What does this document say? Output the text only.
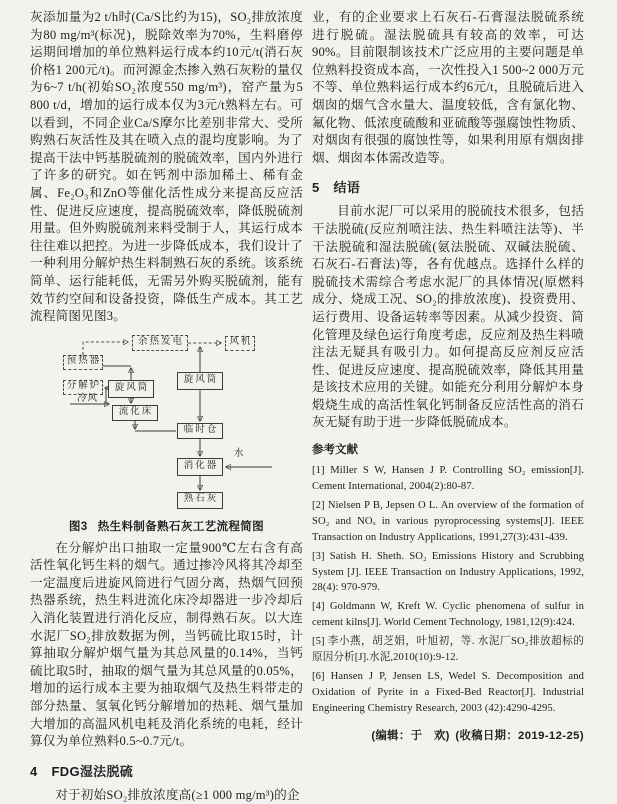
灰添加量为2 t/h时(Ca/S比约为15)，SO₂排放浓度为80 mg/m³(标况)，脱除效率为70%，生料磨停运期间增加的单位熟料运行成本约10元/t(消石灰价格1 200元/t)。而河源金杰掺入熟石灰粉的量仅为6~7 t/h(初始SO₂浓度550 mg/m³)，窑产量为5 800 t/d，增加的运行成本仅为3元/t熟料左右。可以看到，不同企业Ca/S摩尔比差别非常大、受所购熟石灰活性及其在喷入点的混均度影响。为了提高干法中钙基脱硫剂的脱硫效率，国内外进行了许多的研究。如在钙剂中添加稀土、稀有金属、Fe₂O₃和ZnO等催化活性成分来提高反应活性、促进反应速度，提高脱硫效率，降低脱硫剂用量。但外购脱硫剂来料受制于人，其运行成本往往难以把控。为进一步降低成本，我们设计了一种利用分解炉热生料制熟石灰的系统。该系统简单、运行能耗低，无需另外购买脱硫剂，能有效节约空间和设备投资，降低生产成本。其工艺流程简图见图3。

余热发电	风机
预热器
分解炉	旋风筒
旋风筒
冷风
流化床
临时仓
水
消化器
熟石灰
图3 热生料制备熟石灰工艺流程简图

在分解炉出口抽取一定量900℃左右含有高活性氧化钙生料的烟气。通过掺冷风将其冷却至一定温度后进旋风筒进行气固分离，热烟气回预热器系统，热生料进流化床冷却器进一步冷却后入消化装置进行消化反应，制得熟石灰。以大连水泥厂SO₂排放数据为例，当钙硫比取15时，计算抽取分解炉烟气量为其总风量的0.14%，当钙硫比取5时，抽取的烟气量为其总风量的0.05%，增加的运行成本主要为抽取烟气及热生料带走的部分热量、氢氧化钙分解增加的热耗、烟气量加大增加的高温风机电耗及消化系统的电耗，经计算仅为单位熟料0.5~0.7元/t。

4 FDG湿法脱硫

对于初始SO₂排放浓度高(≥1 000 mg/m³)的企

业，有的企业要求上石灰石-石膏湿法脱硫系统进行脱硫。湿法脱硫具有较高的效率，可达90%。目前限制该技术广泛应用的主要问题是单位熟料投资成本高，一次性投入1 500~2 000万元不等、单位熟料运行成本约6元/t，且脱硫后进入烟囱的烟气含水量大、温度较低，含有氯化物、氟化物、低浓度硫酸和亚硫酸等强腐蚀性物质、对烟囱有很强的腐蚀性等，如果利用原有烟囱排烟、烟囱本体需改造等。

5 结语

目前水泥厂可以采用的脱硫技术很多，包括干法脱硫(反应剂喷注法、热生料喷注法等)、半干法脱硫和湿法脱硫(氨法脱硫、双碱法脱硫、石灰石-石膏法)等，各有优越点。选择什么样的脱硫技术需综合考虑水泥厂的具体情况(原燃料成分、烧成工况、SO₂的排放浓度)、投资费用、运行费用、设备运转率等因素。从减少投资、简化管理及绿色运行角度考虑，反应剂及热生料喷注法无疑具有吸引力。如何提高反应剂反应活性、促进反应速度、提高脱硫效率，降低其用量是该技术应用的关键。如能充分利用分解炉本身煅烧生成的高活性氧化钙制备反应活性高的消石灰无疑有助于进一步降低脱硫成本。

参考文献
[1] Miller S W, Hansen J P. Controlling SO₂ emission[J]. Cement International, 2004(2):80-87.
[2] Nielsen P B, Jepsen O L. An overview of the formation of SO₂ and NOₓ in various pyroprocessing systems[J]. IEEE Transaction on Industry Applications, 1991,27(3):431-439.
[3] Satish H. Sheth. SO₂ Emissions History and Scrubbing System [J]. IEEE Transaction on Industry Applications, 1992, 28(4): 970-979.
[4] Goldmann W, Kreft W. Cyclic phenomena of sulfur in cement kilns[J]. World Cement Technology, 1981,12(9):424.
[5] 李小燕，胡芝娟，叶旭初，等. 水泥厂SO₂排放超标的原因分析[J].水泥,2010(10):9-12.
[6] Hansen J P, Jensen LS, Wedel S. Decomposition and Oxidation of Pyrite in a Fixed-Bed Reactor[J]. Industrial Engineering Chemistry Research, 2003 (42):4290-4295.
(编辑：于　欢) (收稿日期：2019-12-25)
